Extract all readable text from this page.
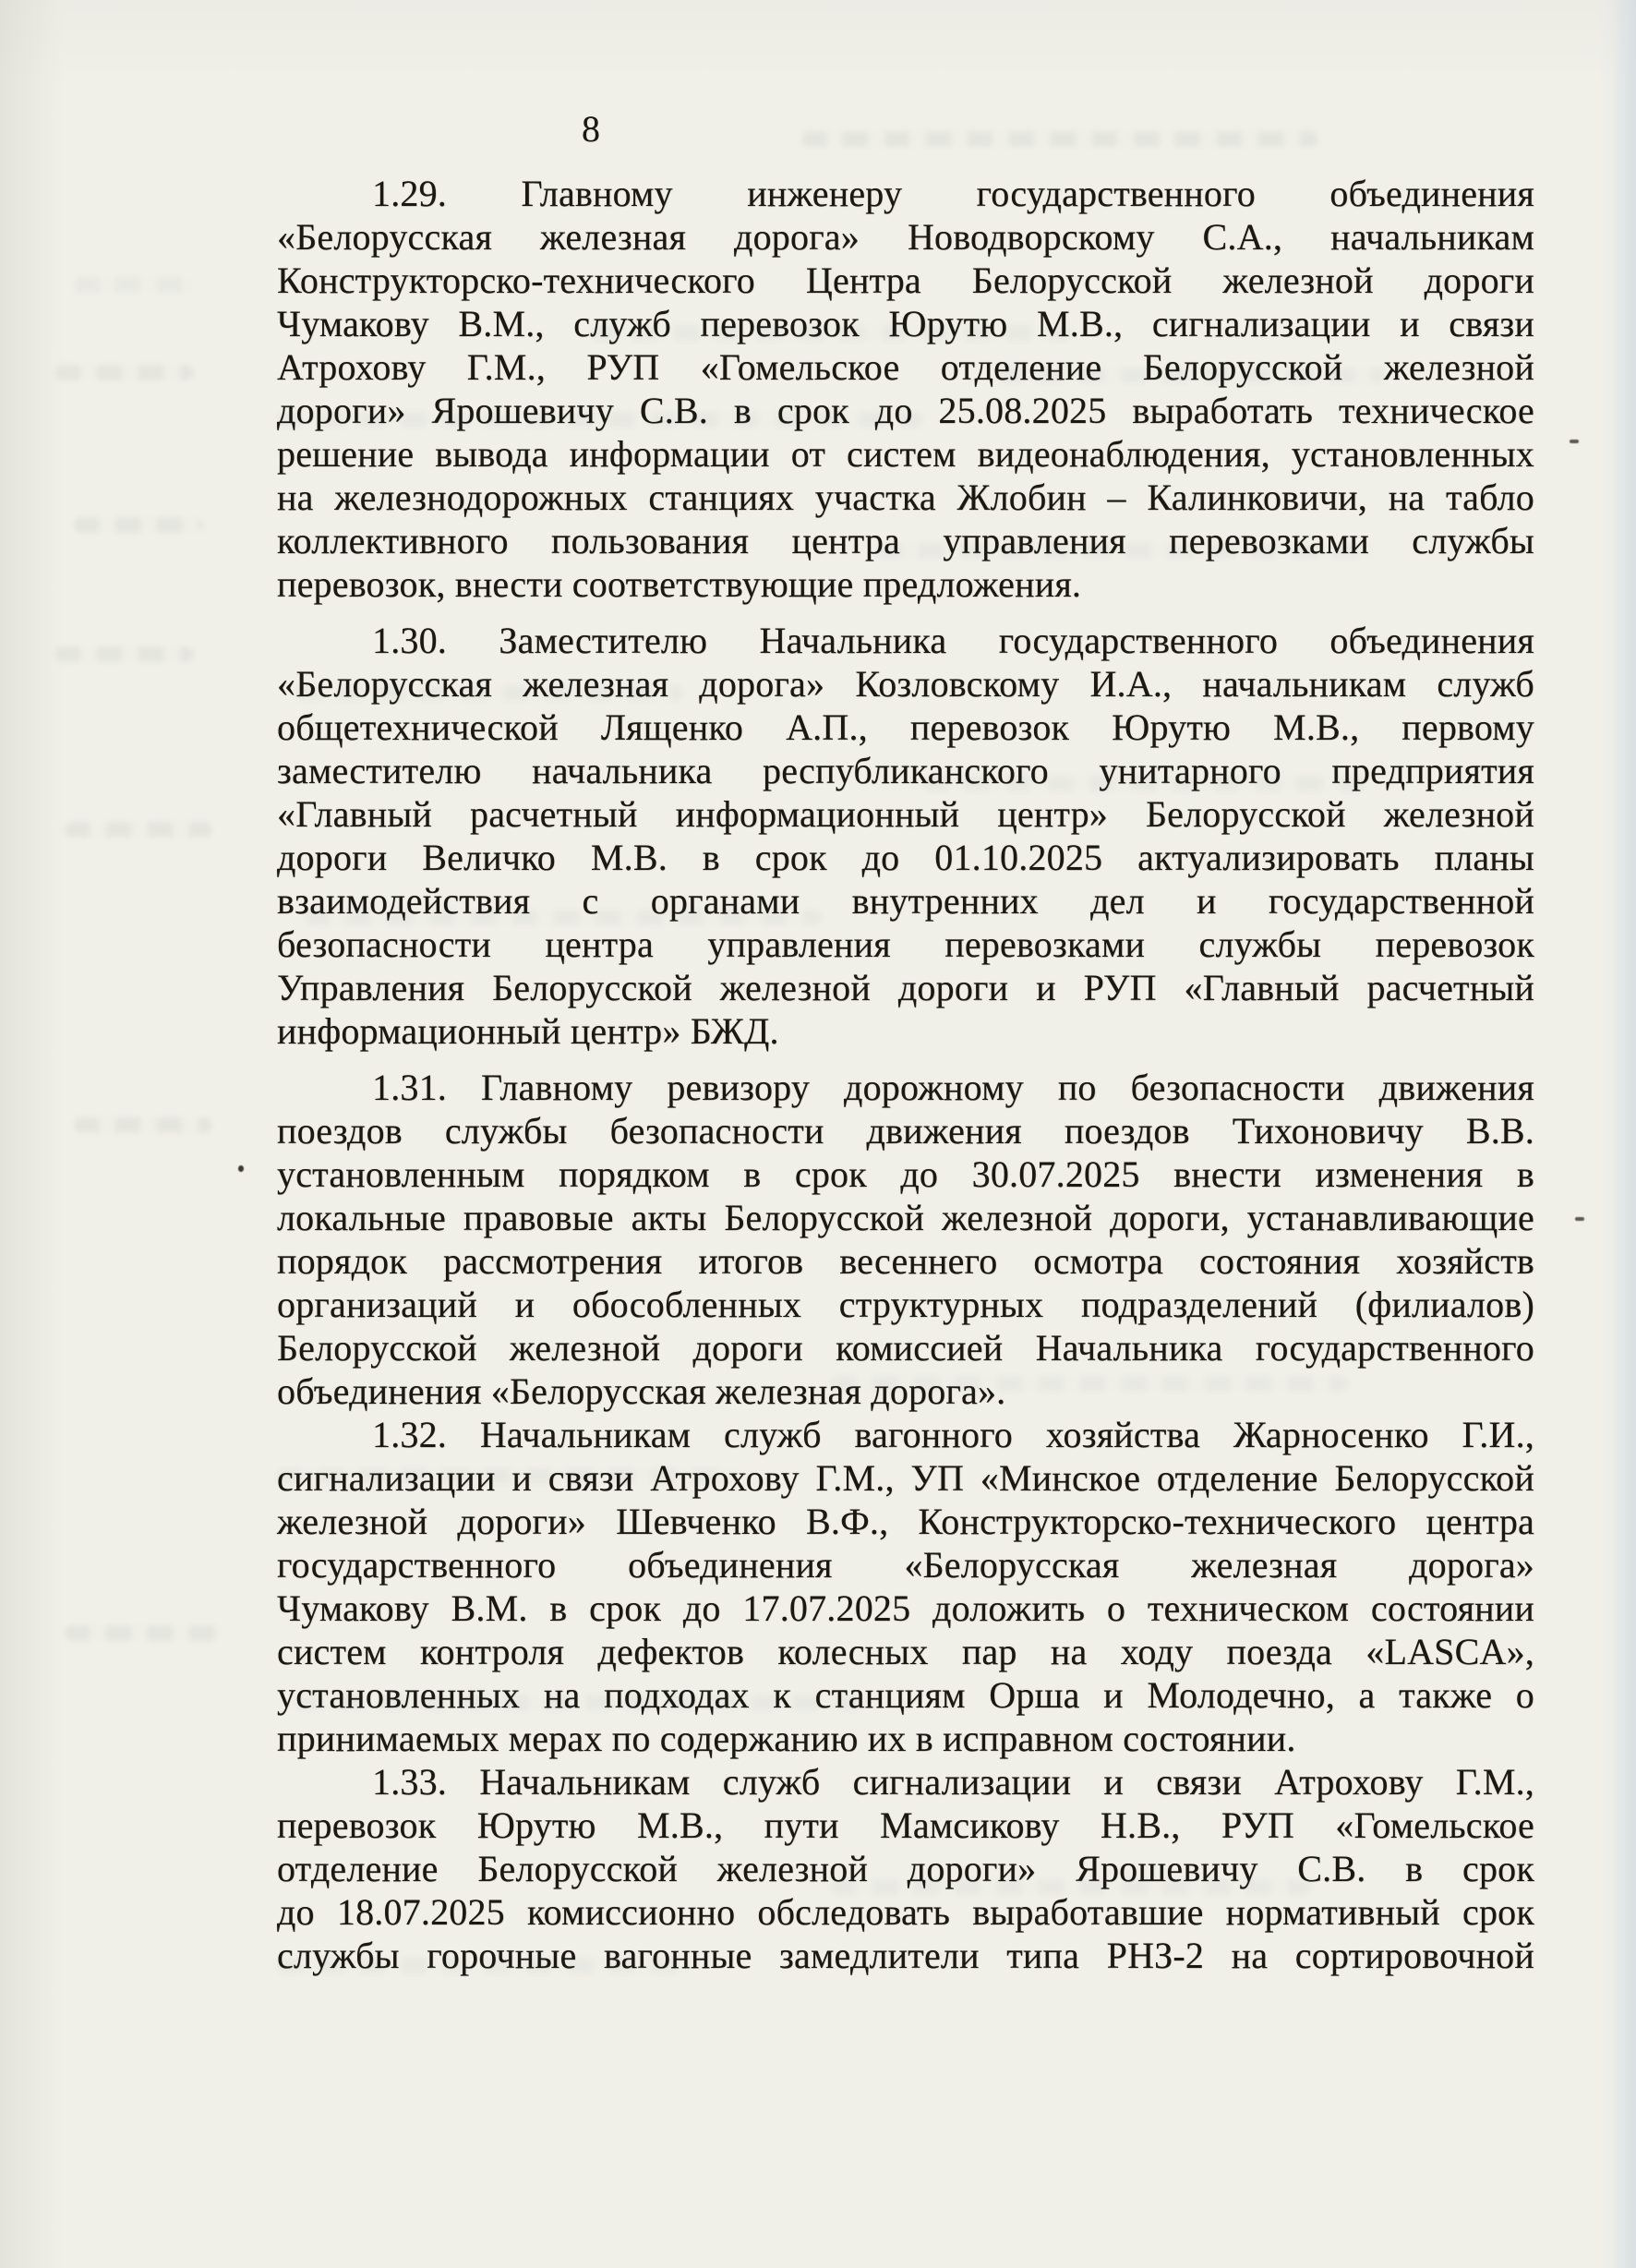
8
1.29. Главному инженеру государственного объединения
«Белорусская железная дорога» Новодворскому С.А., начальникам
Конструкторско-технического Центра Белорусской железной дороги
Чумакову В.М., служб перевозок Юрутю М.В., сигнализации и связи
Атрохову Г.М., РУП «Гомельское отделение Белорусской железной
дороги» Ярошевичу С.В. в срок до 25.08.2025 выработать техническое
решение вывода информации от систем видеонаблюдения, установленных
на железнодорожных станциях участка Жлобин – Калинковичи, на табло
коллективного пользования центра управления перевозками службы
перевозок, внести соответствующие предложения.
1.30. Заместителю Начальника государственного объединения
«Белорусская железная дорога» Козловскому И.А., начальникам служб
общетехнической Лященко А.П., перевозок Юрутю М.В., первому
заместителю начальника республиканского унитарного предприятия
«Главный расчетный информационный центр» Белорусской железной
дороги Величко М.В. в срок до 01.10.2025 актуализировать планы
взаимодействия с органами внутренних дел и государственной
безопасности центра управления перевозками службы перевозок
Управления Белорусской железной дороги и РУП «Главный расчетный
информационный центр» БЖД.
1.31. Главному ревизору дорожному по безопасности движения
поездов службы безопасности движения поездов Тихоновичу В.В.
установленным порядком в срок до 30.07.2025 внести изменения в
локальные правовые акты Белорусской железной дороги, устанавливающие
порядок рассмотрения итогов весеннего осмотра состояния хозяйств
организаций и обособленных структурных подразделений (филиалов)
Белорусской железной дороги комиссией Начальника государственного
объединения «Белорусская железная дорога».
1.32. Начальникам служб вагонного хозяйства Жарносенко Г.И.,
сигнализации и связи Атрохову Г.М., УП «Минское отделение Белорусской
железной дороги» Шевченко В.Ф., Конструкторско-технического центра
государственного объединения «Белорусская железная дорога»
Чумакову В.М. в срок до 17.07.2025 доложить о техническом состоянии
систем контроля дефектов колесных пар на ходу поезда «LASCA»,
установленных на подходах к станциям Орша и Молодечно, а также о
принимаемых мерах по содержанию их в исправном состоянии.
1.33. Начальникам служб сигнализации и связи Атрохову Г.М.,
перевозок Юрутю М.В., пути Мамсикову Н.В., РУП «Гомельское
отделение Белорусской железной дороги» Ярошевичу С.В. в срок
до 18.07.2025 комиссионно обследовать выработавшие нормативный срок
службы горочные вагонные замедлители типа РНЗ-2 на сортировочной
